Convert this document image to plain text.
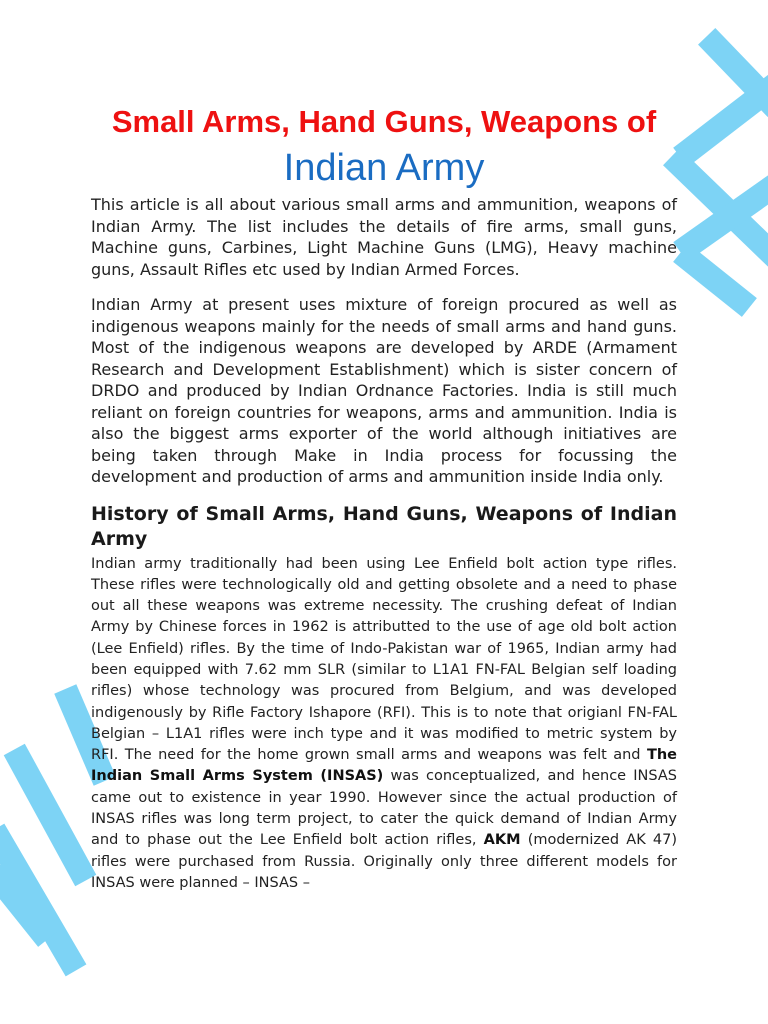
Small Arms, Hand Guns, Weapons of
Indian Army

This article is all about various small arms and ammunition, weapons of Indian Army. The list includes the details of fire arms, small guns, Machine guns, Carbines, Light Machine Guns (LMG), Heavy machine guns, Assault Rifles etc used by Indian Armed Forces.

Indian Army at present uses mixture of foreign procured as well as indigenous weapons mainly for the needs of small arms and hand guns. Most of the indigenous weapons are developed by ARDE (Armament Research and Development Establishment) which is sister concern of DRDO and produced by Indian Ordnance Factories. India is still much reliant on foreign countries for weapons, arms and ammunition. India is also the biggest arms exporter of the world although initiatives are being taken through Make in India process for focussing the development and production of arms and ammunition inside India only.

History of Small Arms, Hand Guns, Weapons of Indian Army

Indian army traditionally had been using Lee Enfield bolt action type rifles. These rifles were technologically old and getting obsolete and a need to phase out all these weapons was extreme necessity. The crushing defeat of Indian Army by Chinese forces in 1962 is attributted to the use of age old bolt action (Lee Enfield) rifles. By the time of Indo-Pakistan war of 1965, Indian army had been equipped with 7.62 mm SLR (similar to L1A1 FN-FAL Belgian self loading rifles) whose technology was procured from Belgium, and was developed indigenously by Rifle Factory Ishapore (RFI). This is to note that origianl FN-FAL Belgian – L1A1 rifles were inch type and it was modified to metric system by RFI. The need for the home grown small arms and weapons was felt and The Indian Small Arms System (INSAS) was conceptualized, and hence INSAS came out to existence in year 1990. However since the actual production of INSAS rifles was long term project, to cater the quick demand of Indian Army and to phase out the Lee Enfield bolt action rifles, AKM (modernized AK 47) rifles were purchased from Russia. Originally only three different models for INSAS were planned – INSAS –
